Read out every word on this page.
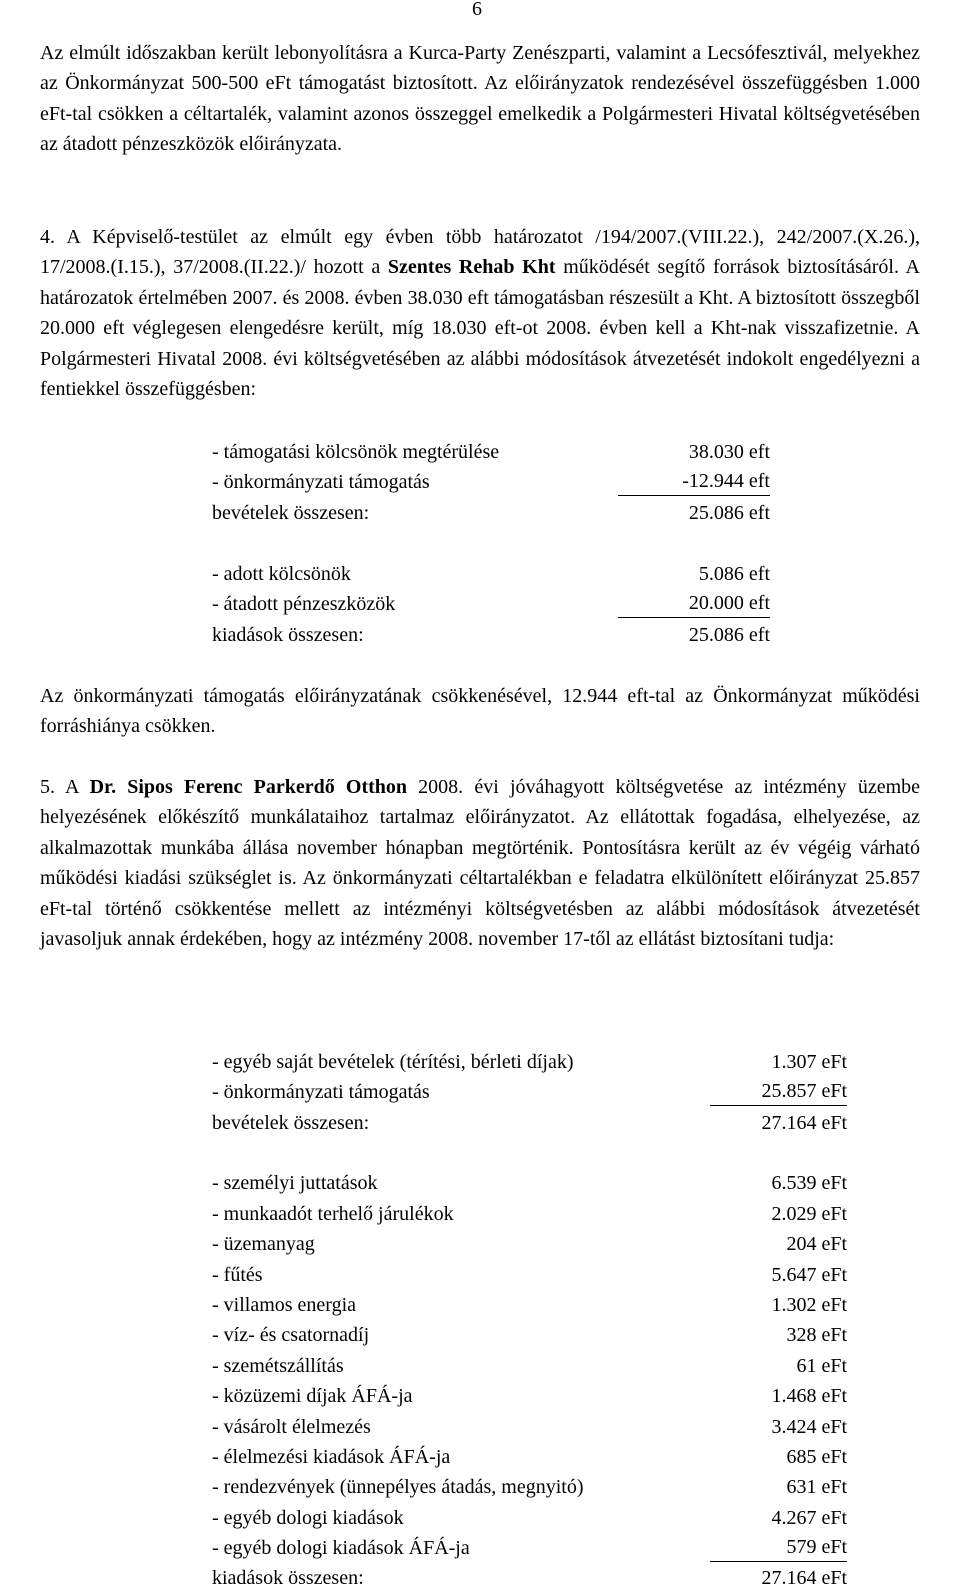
6
Az elmúlt időszakban került lebonyolításra a Kurca-Party Zenészparti, valamint a Lecsófesztivál, melyekhez az Önkormányzat 500-500 eFt támogatást biztosított. Az előirányzatok rendezésével összefüggésben 1.000 eFt-tal csökken a céltartalék, valamint azonos összeggel emelkedik a Polgármesteri Hivatal költségvetésében az átadott pénzeszközök előirányzata.
4. A Képviselő-testület az elmúlt egy évben több határozatot /194/2007.(VIII.22.), 242/2007.(X.26.), 17/2008.(I.15.), 37/2008.(II.22.)/ hozott a Szentes Rehab Kht működését segítő források biztosításáról. A határozatok értelmében 2007. és 2008. évben 38.030 eft támogatásban részesült a Kht. A biztosított összegből 20.000 eft véglegesen elengedésre került, míg 18.030 eft-ot 2008. évben kell a Kht-nak visszafizetnie. A Polgármesteri Hivatal 2008. évi költségvetésében az alábbi módosítások átvezetését indokolt engedélyezni a fentiekkel összefüggésben:
- támogatási kölcsönök megtérülése	38.030 eft
- önkormányzati támogatás	-12.944 eft
bevételek összesen:	25.086 eft
- adott kölcsönök	5.086 eft
- átadott pénzeszközök	20.000 eft
kiadások összesen:	25.086 eft
Az önkormányzati támogatás előirányzatának csökkenésével, 12.944 eft-tal az Önkormányzat működési forráshiánya csökken.
5. A Dr. Sipos Ferenc Parkerdő Otthon 2008. évi jóváhagyott költségvetése az intézmény üzembe helyezésének előkészítő munkálataihoz tartalmaz előirányzatot. Az ellátottak fogadása, elhelyezése, az alkalmazottak munkába állása november hónapban megtörténik. Pontosításra került az év végéig várható működési kiadási szükséglet is. Az önkormányzati céltartalékban e feladatra elkülönített előirányzat 25.857 eFt-tal történő csökkentése mellett az intézményi költségvetésben az alábbi módosítások átvezetését javasoljuk annak érdekében, hogy az intézmény 2008. november 17-től az ellátást biztosítani tudja:
- egyéb saját bevételek (térítési, bérleti díjak)	1.307 eFt
- önkormányzati támogatás	25.857 eFt
bevételek összesen:	27.164 eFt
- személyi juttatások	6.539 eFt
- munkaadót terhelő járulékok	2.029 eFt
- üzemanyag	204 eFt
- fűtés	5.647 eFt
- villamos energia	1.302 eFt
- víz- és csatornadíj	328 eFt
- szemétszállítás	61 eFt
- közüzemi díjak ÁFÁ-ja	1.468 eFt
- vásárolt élelmezés	3.424 eFt
- élelmezési kiadások ÁFÁ-ja	685 eFt
- rendezvények (ünnepélyes átadás, megnyitó)	631 eFt
- egyéb dologi kiadások	4.267 eFt
- egyéb dologi kiadások ÁFÁ-ja	579 eFt
kiadások összesen:	27.164 eFt
